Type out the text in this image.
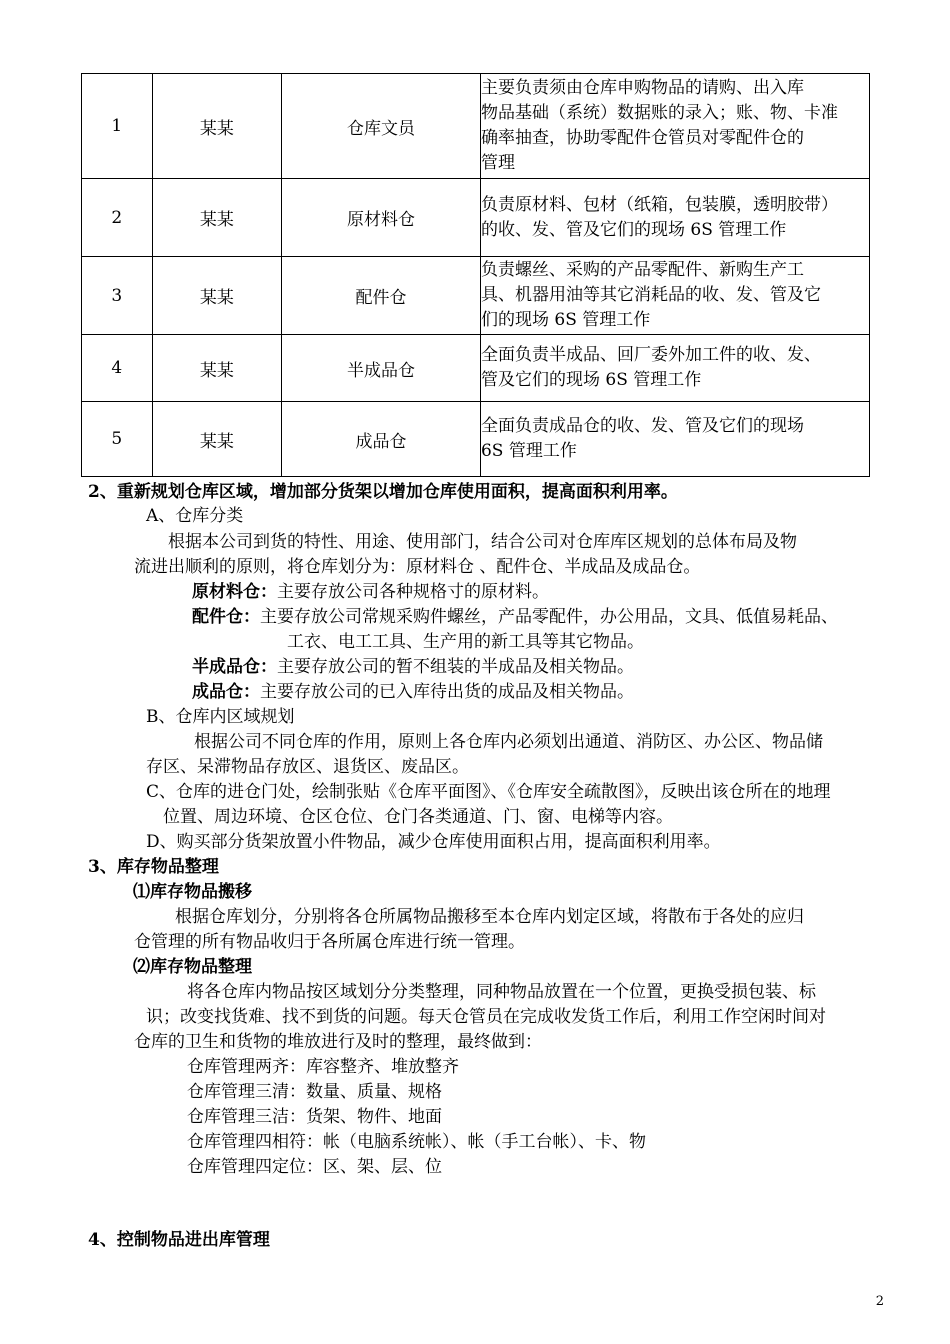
1	某某	仓库文员	主要负责须由仓库申购物品的请购、出入库
物品基础（系统）数据账的录入；账、物、卡准
确率抽查，协助零配件仓管员对零配件仓的
管理

2	某某	原材料仓	负责原材料、包材（纸箱，包装膜，透明胶带）
的收、发、管及它们的现场 6S 管理工作

3	某某	配件仓	负责螺丝、采购的产品零配件、新购生产工
具、机器用油等其它消耗品的收、发、管及它
们的现场 6S 管理工作

4	某某	半成品仓	全面负责半成品、回厂委外加工件的收、发、
管及它们的现场 6S 管理工作

5	某某	成品仓	全面负责成品仓的收、发、管及它们的现场
6S 管理工作
2、重新规划仓库区域，增加部分货架以增加仓库使用面积，提高面积利用率。
A、仓库分类
根据本公司到货的特性、用途、使用部门，结合公司对仓库库区规划的总体布局及物
流进出顺利的原则，将仓库划分为：原材料仓 、配件仓、半成品及成品仓。
原材料仓：主要存放公司各种规格寸的原材料。
配件仓：主要存放公司常规采购件螺丝，产品零配件，办公用品，文具、低值易耗品、
工衣、电工工具、生产用的新工具等其它物品。
半成品仓：主要存放公司的暂不组装的半成品及相关物品。
成品仓：主要存放公司的已入库待出货的成品及相关物品。
B、仓库内区域规划
根据公司不同仓库的作用，原则上各仓库内必须划出通道、消防区、办公区、物品储
存区、呆滞物品存放区、退货区、废品区。
C、仓库的进仓门处，绘制张贴《仓库平面图》、《仓库安全疏散图》，反映出该仓所在的地理
位置、周边环境、仓区仓位、仓门各类通道、门、窗、电梯等内容。
D、购买部分货架放置小件物品，减少仓库使用面积占用，提高面积利用率。
3、库存物品整理
⑴库存物品搬移
根据仓库划分，分别将各仓所属物品搬移至本仓库内划定区域，将散布于各处的应归
仓管理的所有物品收归于各所属仓库进行统一管理。
⑵库存物品整理
将各仓库内物品按区域划分分类整理，同种物品放置在一个位置，更换受损包装、标
识；改变找货难、找不到货的问题。每天仓管员在完成收发货工作后，利用工作空闲时间对
仓库的卫生和货物的堆放进行及时的整理，最终做到：
仓库管理两齐：库容整齐、堆放整齐
仓库管理三清：数量、质量、规格
仓库管理三洁：货架、物件、地面
仓库管理四相符：帐（电脑系统帐）、帐（手工台帐）、卡、物
仓库管理四定位：区、架、层、位
4、控制物品进出库管理
2
